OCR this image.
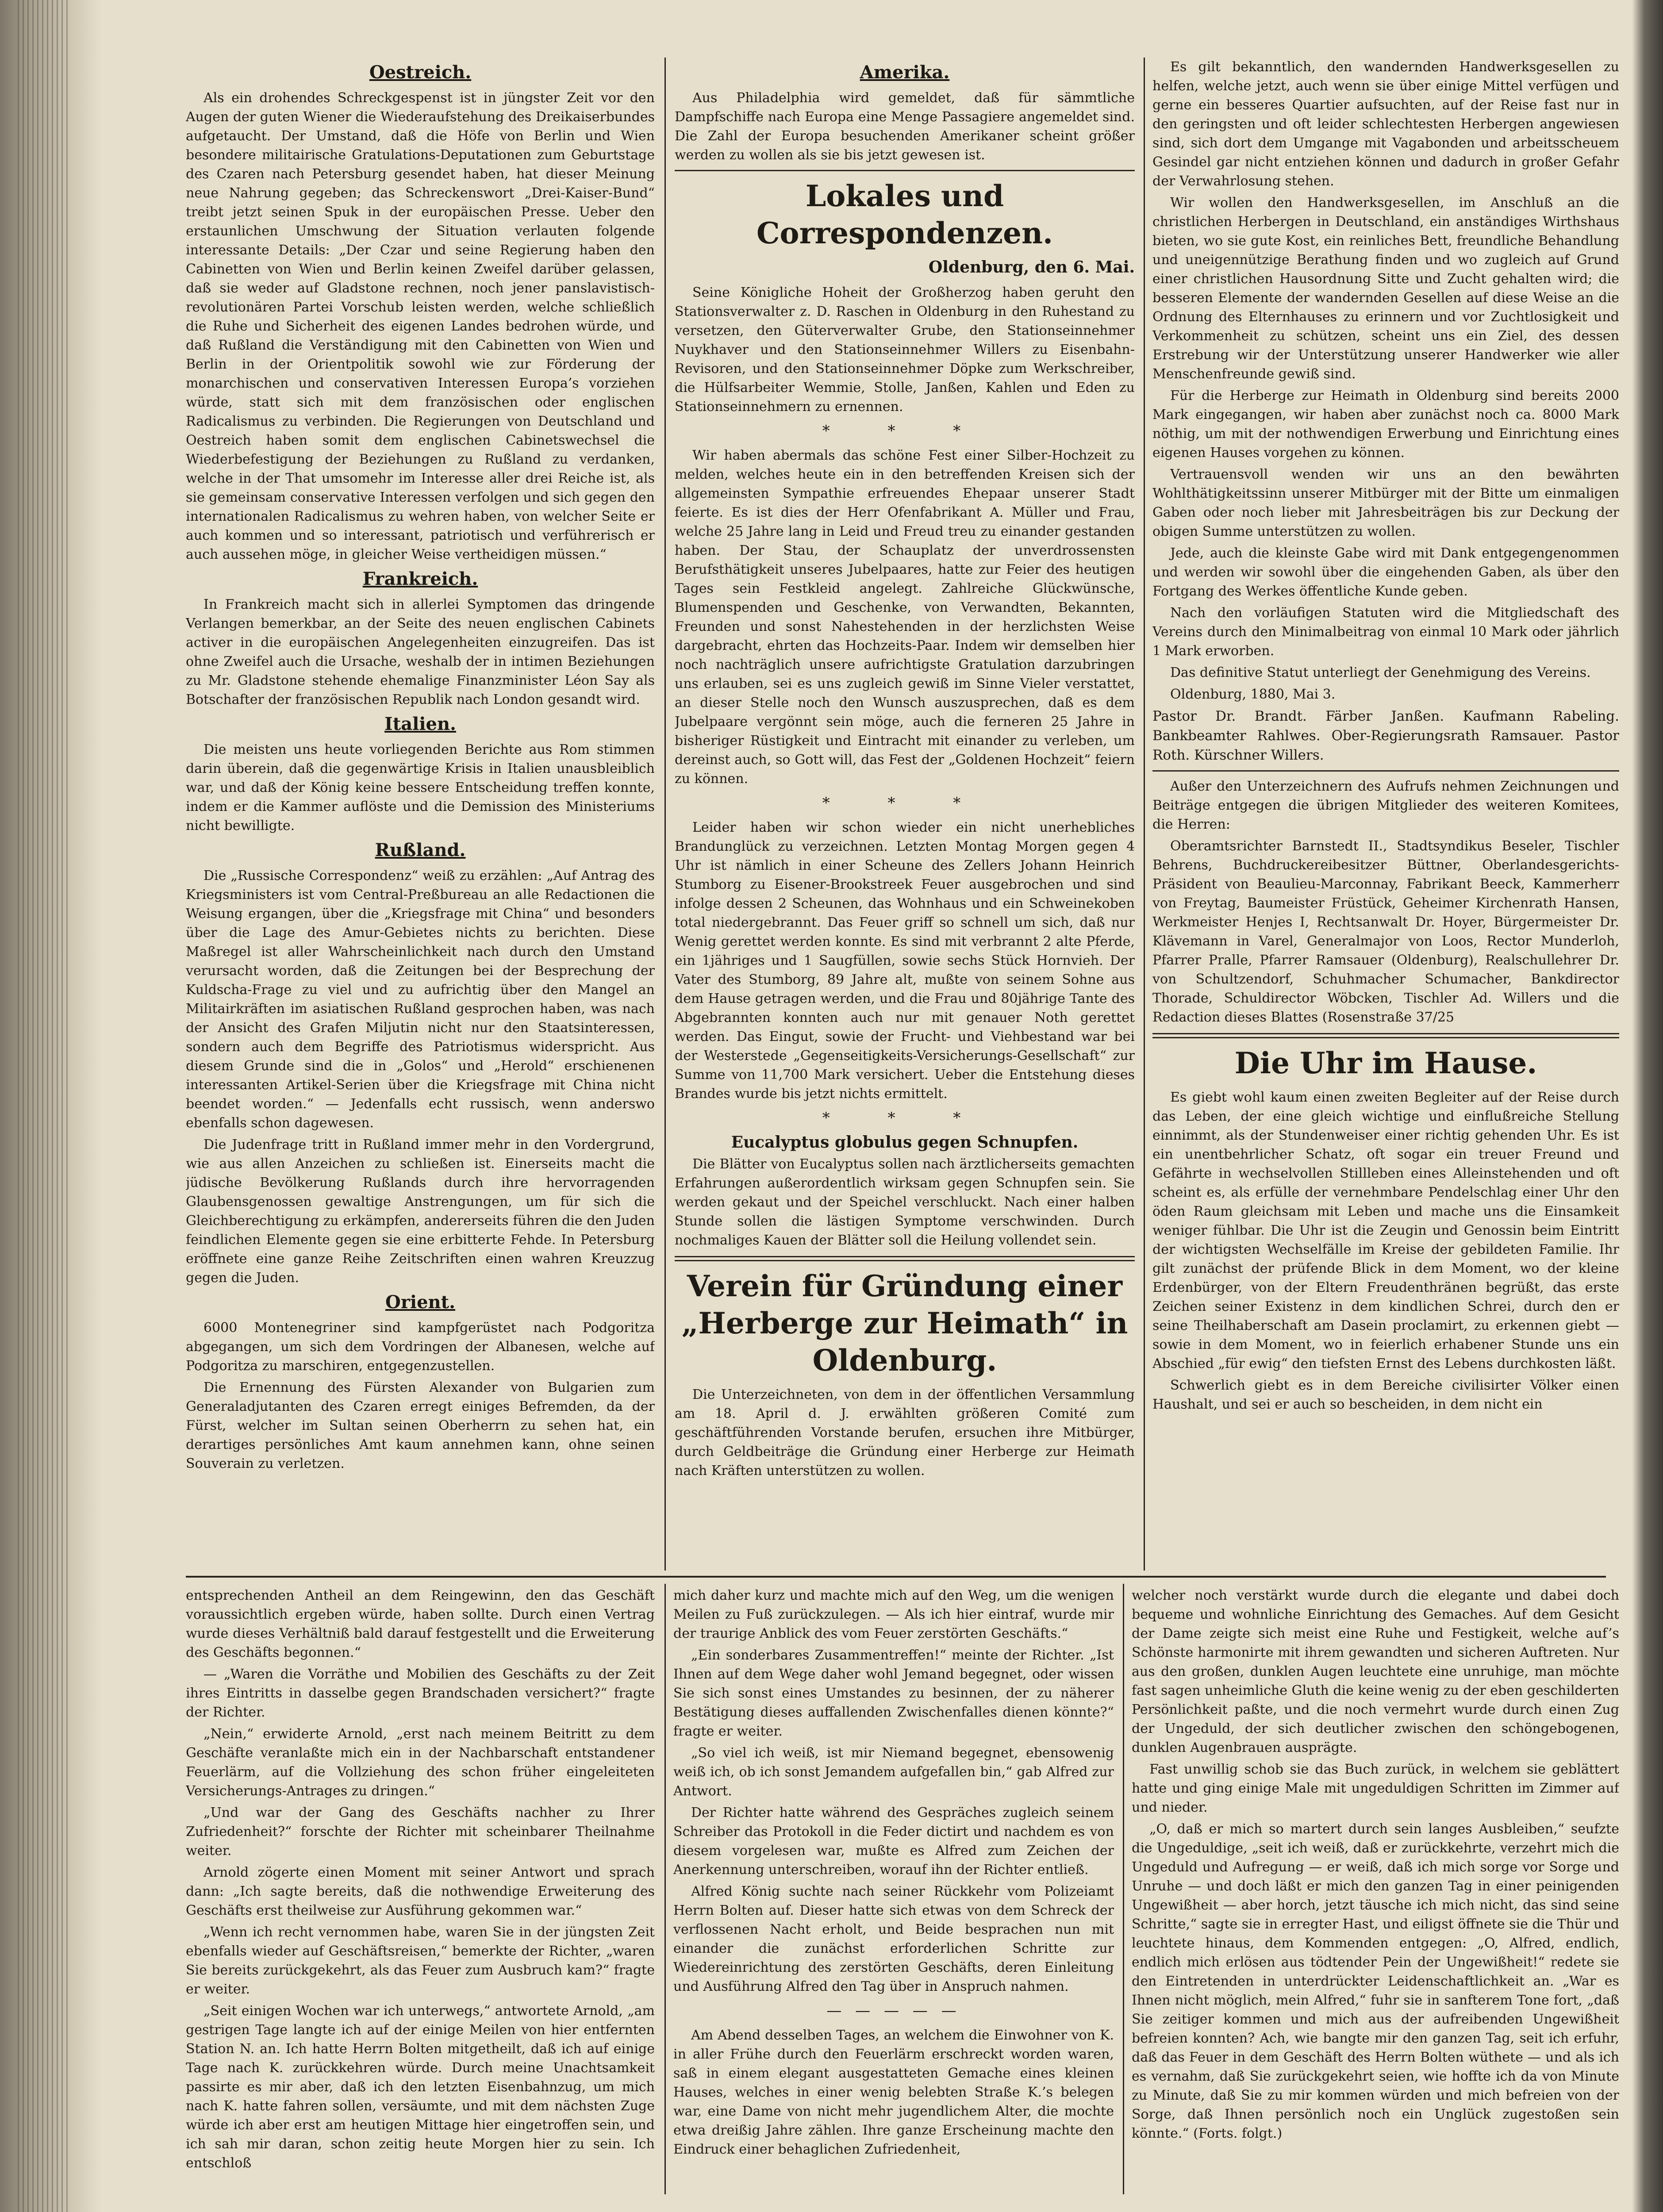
Oestreich.

Als ein drohendes Schreckgespenst ist in jüngster Zeit vor den Augen der guten Wiener die Wiederaufstehung des Dreikaiserbundes aufgetaucht. Der Umstand, daß die Höfe von Berlin und Wien besondere militairische Gratulations-Deputationen zum Geburtstage des Czaren nach Petersburg gesendet haben, hat dieser Meinung neue Nahrung gegeben; das Schreckenswort „Drei-Kaiser-Bund“ treibt jetzt seinen Spuk in der europäischen Presse. Ueber den erstaunlichen Umschwung der Situation verlauten folgende interessante Details: „Der Czar und seine Regierung haben den Cabinetten von Wien und Berlin keinen Zweifel darüber gelassen, daß sie weder auf Gladstone rechnen, noch jener panslavistisch-revolutionären Partei Vorschub leisten werden, welche schließlich die Ruhe und Sicherheit des eigenen Landes bedrohen würde, und daß Rußland die Verständigung mit den Cabinetten von Wien und Berlin in der Orientpolitik sowohl wie zur Förderung der monarchischen und conservativen Interessen Europa’s vorziehen würde, statt sich mit dem französischen oder englischen Radicalismus zu verbinden. Die Regierungen von Deutschland und Oestreich haben somit dem englischen Cabinetswechsel die Wiederbefestigung der Beziehungen zu Rußland zu verdanken, welche in der That umsomehr im Interesse aller drei Reiche ist, als sie gemeinsam conservative Interessen verfolgen und sich gegen den internationalen Radicalismus zu wehren haben, von welcher Seite er auch kommen und so interessant, patriotisch und verführerisch er auch aussehen möge, in gleicher Weise vertheidigen müssen.“

Frankreich.

In Frankreich macht sich in allerlei Symptomen das dringende Verlangen bemerkbar, an der Seite des neuen englischen Cabinets activer in die europäischen Angelegenheiten einzugreifen. Das ist ohne Zweifel auch die Ursache, weshalb der in intimen Beziehungen zu Mr. Gladstone stehende ehemalige Finanzminister Léon Say als Botschafter der französischen Republik nach London gesandt wird.

Italien.

Die meisten uns heute vorliegenden Berichte aus Rom stimmen darin überein, daß die gegenwärtige Krisis in Italien unausbleiblich war, und daß der König keine bessere Entscheidung treffen konnte, indem er die Kammer auflöste und die Demission des Ministeriums nicht bewilligte.

Rußland.

Die „Russische Correspondenz“ weiß zu erzählen: „Auf Antrag des Kriegsministers ist vom Central-Preßbureau an alle Redactionen die Weisung ergangen, über die „Kriegsfrage mit China“ und besonders über die Lage des Amur-Gebietes nichts zu berichten. Diese Maßregel ist aller Wahrscheinlichkeit nach durch den Umstand verursacht worden, daß die Zeitungen bei der Besprechung der Kuldscha-Frage zu viel und zu aufrichtig über den Mangel an Militairkräften im asiatischen Rußland gesprochen haben, was nach der Ansicht des Grafen Miljutin nicht nur den Staatsinteressen, sondern auch dem Begriffe des Patriotismus widerspricht. Aus diesem Grunde sind die in „Golos“ und „Herold“ erschienenen interessanten Artikel-Serien über die Kriegsfrage mit China nicht beendet worden.“ — Jedenfalls echt russisch, wenn anderswo ebenfalls schon dagewesen.

Die Judenfrage tritt in Rußland immer mehr in den Vordergrund, wie aus allen Anzeichen zu schließen ist. Einerseits macht die jüdische Bevölkerung Rußlands durch ihre hervorragenden Glaubensgenossen gewaltige Anstrengungen, um für sich die Gleichberechtigung zu erkämpfen, andererseits führen die den Juden feindlichen Elemente gegen sie eine erbitterte Fehde. In Petersburg eröffnete eine ganze Reihe Zeitschriften einen wahren Kreuzzug gegen die Juden.

Orient.

6000 Montenegriner sind kampfgerüstet nach Podgoritza abgegangen, um sich dem Vordringen der Albanesen, welche auf Podgoritza zu marschiren, entgegenzustellen.

Die Ernennung des Fürsten Alexander von Bulgarien zum Generaladjutanten des Czaren erregt einiges Befremden, da der Fürst, welcher im Sultan seinen Oberherrn zu sehen hat, ein derartiges persönliches Amt kaum annehmen kann, ohne seinen Souverain zu verletzen.

Amerika.

Aus Philadelphia wird gemeldet, daß für sämmtliche Dampfschiffe nach Europa eine Menge Passagiere angemeldet sind. Die Zahl der Europa besuchenden Amerikaner scheint größer werden zu wollen als sie bis jetzt gewesen ist.

Lokales und Correspondenzen.
Oldenburg, den 6. Mai.

Seine Königliche Hoheit der Großherzog haben geruht den Stationsverwalter z. D. Raschen in Oldenburg in den Ruhestand zu versetzen, den Güterverwalter Grube, den Stationseinnehmer Nuykhaver und den Stationseinnehmer Willers zu Eisenbahn-Revisoren, und den Stationseinnehmer Döpke zum Werkschreiber, die Hülfsarbeiter Wemmie, Stolle, Janßen, Kahlen und Eden zu Stationseinnehmern zu ernennen.

* * *

Wir haben abermals das schöne Fest einer Silber-Hochzeit zu melden, welches heute ein in den betreffenden Kreisen sich der allgemeinsten Sympathie erfreuendes Ehepaar unserer Stadt feierte. Es ist dies der Herr Ofenfabrikant A. Müller und Frau, welche 25 Jahre lang in Leid und Freud treu zu einander gestanden haben. Der Stau, der Schauplatz der unverdrossensten Berufsthätigkeit unseres Jubelpaares, hatte zur Feier des heutigen Tages sein Festkleid angelegt. Zahlreiche Glückwünsche, Blumenspenden und Geschenke, von Verwandten, Bekannten, Freunden und sonst Nahestehenden in der herzlichsten Weise dargebracht, ehrten das Hochzeits-Paar. Indem wir demselben hier noch nachträglich unsere aufrichtigste Gratulation darzubringen uns erlauben, sei es uns zugleich gewiß im Sinne Vieler verstattet, an dieser Stelle noch den Wunsch auszusprechen, daß es dem Jubelpaare vergönnt sein möge, auch die ferneren 25 Jahre in bisheriger Rüstigkeit und Eintracht mit einander zu verleben, um dereinst auch, so Gott will, das Fest der „Goldenen Hochzeit“ feiern zu können.

* * *

Leider haben wir schon wieder ein nicht unerhebliches Brandunglück zu verzeichnen. Letzten Montag Morgen gegen 4 Uhr ist nämlich in einer Scheune des Zellers Johann Heinrich Stumborg zu Eisener-Brookstreek Feuer ausgebrochen und sind infolge dessen 2 Scheunen, das Wohnhaus und ein Schweinekoben total niedergebrannt. Das Feuer griff so schnell um sich, daß nur Wenig gerettet werden konnte. Es sind mit verbrannt 2 alte Pferde, ein 1jähriges und 1 Saugfüllen, sowie sechs Stück Hornvieh. Der Vater des Stumborg, 89 Jahre alt, mußte von seinem Sohne aus dem Hause getragen werden, und die Frau und 80jährige Tante des Abgebrannten konnten auch nur mit genauer Noth gerettet werden. Das Eingut, sowie der Frucht- und Viehbestand war bei der Westerstede „Gegenseitigkeits-Versicherungs-Gesellschaft“ zur Summe von 11,700 Mark versichert. Ueber die Entstehung dieses Brandes wurde bis jetzt nichts ermittelt.

* * *
Eucalyptus globulus gegen Schnupfen.

Die Blätter von Eucalyptus sollen nach ärztlicherseits gemachten Erfahrungen außerordentlich wirksam gegen Schnupfen sein. Sie werden gekaut und der Speichel verschluckt. Nach einer halben Stunde sollen die lästigen Symptome verschwinden. Durch nochmaliges Kauen der Blätter soll die Heilung vollendet sein.

Verein für Gründung einer „Herberge zur Heimath“ in Oldenburg.

Die Unterzeichneten, von dem in der öffentlichen Versammlung am 18. April d. J. erwählten größeren Comité zum geschäftführenden Vorstande berufen, ersuchen ihre Mitbürger, durch Geldbeiträge die Gründung einer Herberge zur Heimath nach Kräften unterstützen zu wollen.

Es gilt bekanntlich, den wandernden Handwerksgesellen zu helfen, welche jetzt, auch wenn sie über einige Mittel verfügen und gerne ein besseres Quartier aufsuchten, auf der Reise fast nur in den geringsten und oft leider schlechtesten Herbergen angewiesen sind, sich dort dem Umgange mit Vagabonden und arbeitsscheuem Gesindel gar nicht entziehen können und dadurch in großer Gefahr der Verwahrlosung stehen.

Wir wollen den Handwerksgesellen, im Anschluß an die christlichen Herbergen in Deutschland, ein anständiges Wirthshaus bieten, wo sie gute Kost, ein reinliches Bett, freundliche Behandlung und uneigennützige Berathung finden und wo zugleich auf Grund einer christlichen Hausordnung Sitte und Zucht gehalten wird; die besseren Elemente der wandernden Gesellen auf diese Weise an die Ordnung des Elternhauses zu erinnern und vor Zuchtlosigkeit und Verkommenheit zu schützen, scheint uns ein Ziel, des dessen Erstrebung wir der Unterstützung unserer Handwerker wie aller Menschenfreunde gewiß sind.

Für die Herberge zur Heimath in Oldenburg sind bereits 2000 Mark eingegangen, wir haben aber zunächst noch ca. 8000 Mark nöthig, um mit der nothwendigen Erwerbung und Einrichtung eines eigenen Hauses vorgehen zu können.

Vertrauensvoll wenden wir uns an den bewährten Wohlthätigkeitssinn unserer Mitbürger mit der Bitte um einmaligen Gaben oder noch lieber mit Jahresbeiträgen bis zur Deckung der obigen Summe unterstützen zu wollen.

Jede, auch die kleinste Gabe wird mit Dank entgegengenommen und werden wir sowohl über die eingehenden Gaben, als über den Fortgang des Werkes öffentliche Kunde geben.

Nach den vorläufigen Statuten wird die Mitgliedschaft des Vereins durch den Minimalbeitrag von einmal 10 Mark oder jährlich 1 Mark erworben.

Das definitive Statut unterliegt der Genehmigung des Vereins.

Oldenburg, 1880, Mai 3.

Pastor Dr. Brandt. Färber Janßen. Kaufmann Rabeling. Bankbeamter Rahlwes. Ober-Regierungsrath Ramsauer. Pastor Roth. Kürschner Willers.

Außer den Unterzeichnern des Aufrufs nehmen Zeichnungen und Beiträge entgegen die übrigen Mitglieder des weiteren Komitees, die Herren:

Oberamtsrichter Barnstedt II., Stadtsyndikus Beseler, Tischler Behrens, Buchdruckereibesitzer Büttner, Oberlandesgerichts-Präsident von Beaulieu-Marconnay, Fabrikant Beeck, Kammerherr von Freytag, Baumeister Früstück, Geheimer Kirchenrath Hansen, Werkmeister Henjes I, Rechtsanwalt Dr. Hoyer, Bürgermeister Dr. Klävemann in Varel, Generalmajor von Loos, Rector Munderloh, Pfarrer Pralle, Pfarrer Ramsauer (Oldenburg), Realschullehrer Dr. von Schultzendorf, Schuhmacher Schumacher, Bankdirector Thorade, Schuldirector Wöbcken, Tischler Ad. Willers und die Redaction dieses Blattes (Rosenstraße 37/25

Die Uhr im Hause.

Es giebt wohl kaum einen zweiten Begleiter auf der Reise durch das Leben, der eine gleich wichtige und einflußreiche Stellung einnimmt, als der Stundenweiser einer richtig gehenden Uhr. Es ist ein unentbehrlicher Schatz, oft sogar ein treuer Freund und Gefährte in wechselvollen Stillleben eines Alleinstehenden und oft scheint es, als erfülle der vernehmbare Pendelschlag einer Uhr den öden Raum gleichsam mit Leben und mache uns die Einsamkeit weniger fühlbar. Die Uhr ist die Zeugin und Genossin beim Eintritt der wichtigsten Wechselfälle im Kreise der gebildeten Familie. Ihr gilt zunächst der prüfende Blick in dem Moment, wo der kleine Erdenbürger, von der Eltern Freudenthränen begrüßt, das erste Zeichen seiner Existenz in dem kindlichen Schrei, durch den er seine Theilhaberschaft am Dasein proclamirt, zu erkennen giebt — sowie in dem Moment, wo in feierlich erhabener Stunde uns ein Abschied „für ewig“ den tiefsten Ernst des Lebens durchkosten läßt.

Schwerlich giebt es in dem Bereiche civilisirter Völker einen Haushalt, und sei er auch so bescheiden, in dem nicht ein

entsprechenden Antheil an dem Reingewinn, den das Geschäft voraussichtlich ergeben würde, haben sollte. Durch einen Vertrag wurde dieses Verhältniß bald darauf festgestellt und die Erweiterung des Geschäfts begonnen.“

— „Waren die Vorräthe und Mobilien des Geschäfts zu der Zeit ihres Eintritts in dasselbe gegen Brandschaden versichert?“ fragte der Richter.

„Nein,“ erwiderte Arnold, „erst nach meinem Beitritt zu dem Geschäfte veranlaßte mich ein in der Nachbarschaft entstandener Feuerlärm, auf die Vollziehung des schon früher eingeleiteten Versicherungs-Antrages zu dringen.“

„Und war der Gang des Geschäfts nachher zu Ihrer Zufriedenheit?“ forschte der Richter mit scheinbarer Theilnahme weiter.

Arnold zögerte einen Moment mit seiner Antwort und sprach dann: „Ich sagte bereits, daß die nothwendige Erweiterung des Geschäfts erst theilweise zur Ausführung gekommen war.“

„Wenn ich recht vernommen habe, waren Sie in der jüngsten Zeit ebenfalls wieder auf Geschäftsreisen,“ bemerkte der Richter, „waren Sie bereits zurückgekehrt, als das Feuer zum Ausbruch kam?“ fragte er weiter.

„Seit einigen Wochen war ich unterwegs,“ antwortete Arnold, „am gestrigen Tage langte ich auf der einige Meilen von hier entfernten Station N. an. Ich hatte Herrn Bolten mitgetheilt, daß ich auf einige Tage nach K. zurückkehren würde. Durch meine Unachtsamkeit passirte es mir aber, daß ich den letzten Eisenbahnzug, um mich nach K. hatte fahren sollen, versäumte, und mit dem nächsten Zuge würde ich aber erst am heutigen Mittage hier eingetroffen sein, und ich sah mir daran, schon zeitig heute Morgen hier zu sein. Ich entschloß

mich daher kurz und machte mich auf den Weg, um die wenigen Meilen zu Fuß zurückzulegen. — Als ich hier eintraf, wurde mir der traurige Anblick des vom Feuer zerstörten Geschäfts.“

„Ein sonderbares Zusammentreffen!“ meinte der Richter. „Ist Ihnen auf dem Wege daher wohl Jemand begegnet, oder wissen Sie sich sonst eines Umstandes zu besinnen, der zu näherer Bestätigung dieses auffallenden Zwischenfalles dienen könnte?“ fragte er weiter.

„So viel ich weiß, ist mir Niemand begegnet, ebensowenig weiß ich, ob ich sonst Jemandem aufgefallen bin,“ gab Alfred zur Antwort.

Der Richter hatte während des Gespräches zugleich seinem Schreiber das Protokoll in die Feder dictirt und nachdem es von diesem vorgelesen war, mußte es Alfred zum Zeichen der Anerkennung unterschreiben, worauf ihn der Richter entließ.

Alfred König suchte nach seiner Rückkehr vom Polizeiamt Herrn Bolten auf. Dieser hatte sich etwas von dem Schreck der verflossenen Nacht erholt, und Beide besprachen nun mit einander die zunächst erforderlichen Schritte zur Wiedereinrichtung des zerstörten Geschäfts, deren Einleitung und Ausführung Alfred den Tag über in Anspruch nahmen.

— — — — —

Am Abend desselben Tages, an welchem die Einwohner von K. in aller Frühe durch den Feuerlärm erschreckt worden waren, saß in einem elegant ausgestatteten Gemache eines kleinen Hauses, welches in einer wenig belebten Straße K.’s belegen war, eine Dame von nicht mehr jugendlichem Alter, die mochte etwa dreißig Jahre zählen. Ihre ganze Erscheinung machte den Eindruck einer behaglichen Zufriedenheit,

welcher noch verstärkt wurde durch die elegante und dabei doch bequeme und wohnliche Einrichtung des Gemaches. Auf dem Gesicht der Dame zeigte sich meist eine Ruhe und Festigkeit, welche auf’s Schönste harmonirte mit ihrem gewandten und sicheren Auftreten. Nur aus den großen, dunklen Augen leuchtete eine unruhige, man möchte fast sagen unheimliche Gluth die keine wenig zu der eben geschilderten Persönlichkeit paßte, und die noch vermehrt wurde durch einen Zug der Ungeduld, der sich deutlicher zwischen den schöngebogenen, dunklen Augenbrauen ausprägte.

Fast unwillig schob sie das Buch zurück, in welchem sie geblättert hatte und ging einige Male mit ungeduldigen Schritten im Zimmer auf und nieder.

„O, daß er mich so martert durch sein langes Ausbleiben,“ seufzte die Ungeduldige, „seit ich weiß, daß er zurückkehrte, verzehrt mich die Ungeduld und Aufregung — er weiß, daß ich mich sorge vor Sorge und Unruhe — und doch läßt er mich den ganzen Tag in einer peinigenden Ungewißheit — aber horch, jetzt täusche ich mich nicht, das sind seine Schritte,“ sagte sie in erregter Hast, und eiligst öffnete sie die Thür und leuchtete hinaus, dem Kommenden entgegen: „O, Alfred, endlich, endlich mich erlösen aus tödtender Pein der Ungewißheit!“ redete sie den Eintretenden in unterdrückter Leidenschaftlichkeit an. „War es Ihnen nicht möglich, mein Alfred,“ fuhr sie in sanfterem Tone fort, „daß Sie zeitiger kommen und mich aus der aufreibenden Ungewißheit befreien konnten? Ach, wie bangte mir den ganzen Tag, seit ich erfuhr, daß das Feuer in dem Geschäft des Herrn Bolten wüthete — und als ich es vernahm, daß Sie zurückgekehrt seien, wie hoffte ich da von Minute zu Minute, daß Sie zu mir kommen würden und mich befreien von der Sorge, daß Ihnen persönlich noch ein Unglück zugestoßen sein könnte.“ (Forts. folgt.)
